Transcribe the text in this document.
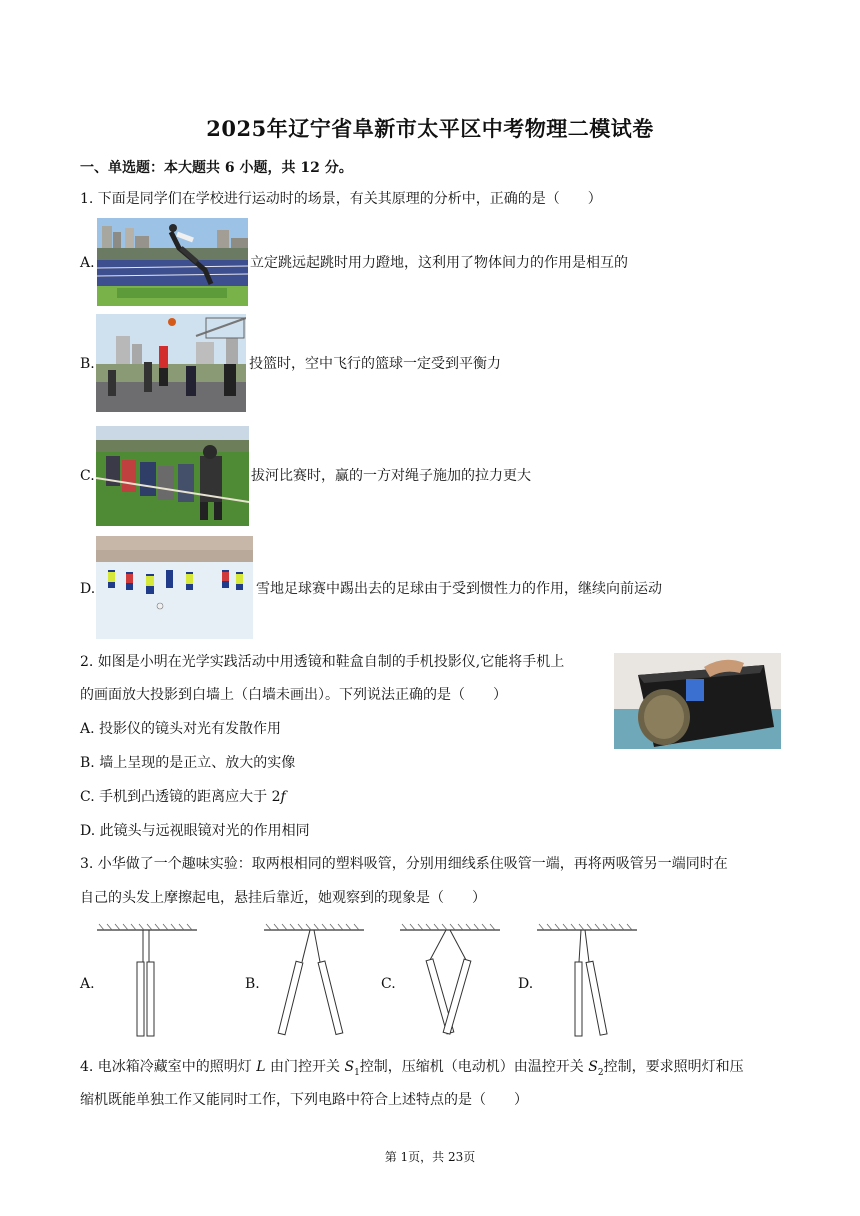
2025年辽宁省阜新市太平区中考物理二模试卷
一、单选题：本大题共 6 小题，共 12 分。
1. 下面是同学们在学校进行运动时的场景，有关其原理的分析中，正确的是（　　）
A.	立定跳远起跳时用力蹬地，这利用了物体间力的作用是相互的
B.	投篮时，空中飞行的篮球一定受到平衡力
C.	拔河比赛时，赢的一方对绳子施加的拉力更大
D.	雪地足球赛中踢出去的足球由于受到惯性力的作用，继续向前运动
2. 如图是小明在光学实践活动中用透镜和鞋盒自制的手机投影仪,它能将手机上
的画面放大投影到白墙上（白墙未画出）。下列说法正确的是（　　）
A. 投影仪的镜头对光有发散作用
B. 墙上呈现的是正立、放大的实像
C. 手机到凸透镜的距离应大于 2f
D. 此镜头与远视眼镜对光的作用相同
3. 小华做了一个趣味实验：取两根相同的塑料吸管，分别用细线系住吸管一端，再将两吸管另一端同时在
自己的头发上摩擦起电，悬挂后靠近，她观察到的现象是（　　）
A.	B.	C.	D.
4. 电冰箱冷藏室中的照明灯 L 由门控开关 $S_1$控制，压缩机（电动机）由温控开关 $S_2$控制，要求照明灯和压
缩机既能单独工作又能同时工作，下列电路中符合上述特点的是（　　）
第 1页，共 23页
